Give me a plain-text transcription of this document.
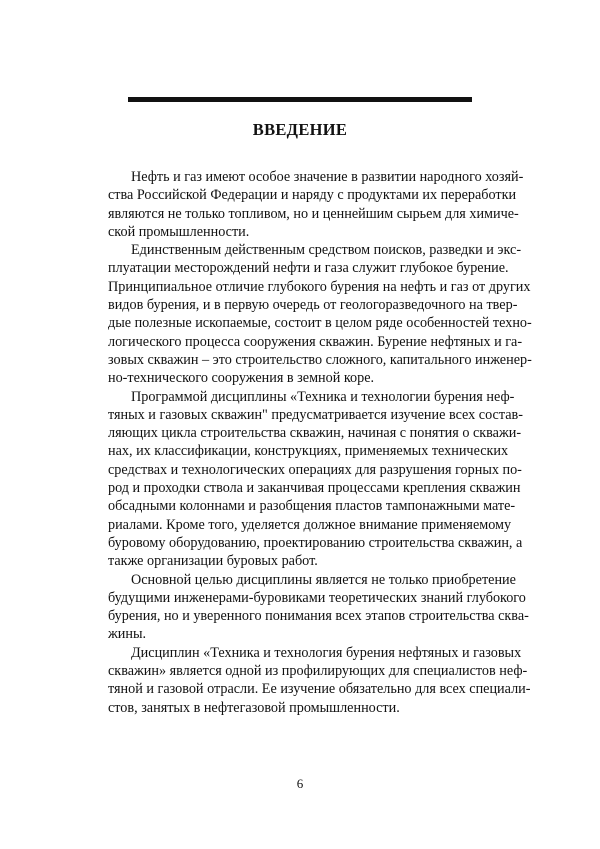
ВВЕДЕНИЕ
Нефть и газ имеют особое значение в развитии народного хозяй-
ства Российской Федерации и наряду с продуктами их переработки
являются не только топливом, но и ценнейшим сырьем для химиче-
ской промышленности.
Единственным действенным средством поисков, разведки и экс-
плуатации месторождений нефти и газа служит глубокое бурение.
Принципиальное отличие глубокого бурения на нефть и газ от других
видов бурения, и в первую очередь от геологоразведочного на твер-
дые полезные ископаемые, состоит в целом ряде особенностей техно-
логического процесса сооружения скважин. Бурение нефтяных и га-
зовых скважин – это строительство сложного, капитального инженер-
но-технического сооружения в земной коре.
Программой дисциплины «Техника и технологии бурения неф-
тяных и газовых скважин" предусматривается изучение всех состав-
ляющих цикла строительства скважин, начиная с понятия о скважи-
нах, их классификации, конструкциях, применяемых технических
средствах и технологических операциях для разрушения горных по-
род и проходки ствола и заканчивая процессами крепления скважин
обсадными колоннами и разобщения пластов тампонажными мате-
риалами. Кроме того, уделяется должное внимание применяемому
буровому оборудованию, проектированию строительства скважин, а
также организации буровых работ.
Основной целью дисциплины является не только приобретение
будущими инженерами-буровиками теоретических знаний глубокого
бурения, но и уверенного понимания всех этапов строительства сква-
жины.
Дисциплин «Техника и технология бурения нефтяных и газовых
скважин» является одной из профилирующих для специалистов неф-
тяной и газовой отрасли. Ее изучение обязательно для всех специали-
стов, занятых в нефтегазовой промышленности.
6
